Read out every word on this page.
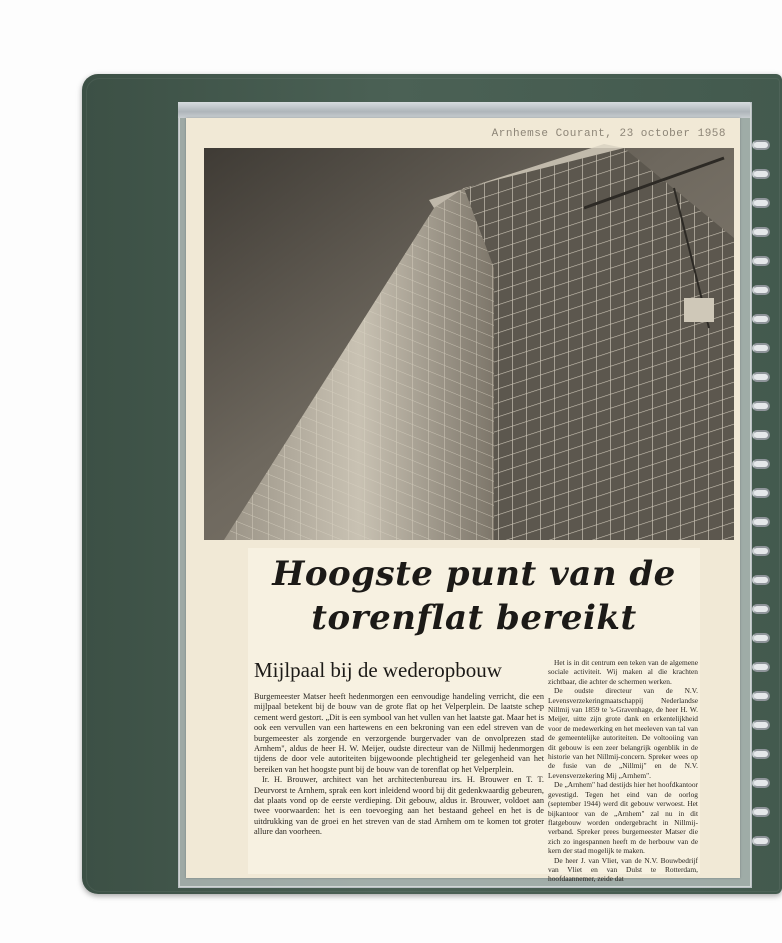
Arnhemse Courant, 23 october 1958
Hoogste punt van de
torenflat bereikt
Mijlpaal bij de wederopbouw

Burgemeester Matser heeft hedenmorgen een eenvoudige handeling verricht, die een mijlpaal betekent bij de bouw van de grote flat op het Velperplein. De laatste schep cement werd gestort. „Dit is een symbool van het vullen van het laatste gat. Maar het is ook een vervullen van een hartewens en een bekroning van een edel streven van de burgemeester als zorgende en verzorgende burgervader van de onvolprezen stad Arnhem", aldus de heer H. W. Meijer, oudste directeur van de Nillmij hedenmorgen tijdens de door vele autoriteiten bijgewoonde plechtigheid ter gelegenheid van het bereiken van het hoogste punt bij de bouw van de torenflat op het Velperplein.

Ir. H. Brouwer, architect van het architectenbureau irs. H. Brouwer en T. T. Deurvorst te Arnhem, sprak een kort inleidend woord bij dit gedenkwaardig gebeuren, dat plaats vond op de eerste verdieping. Dit gebouw, aldus ir. Brouwer, voldoet aan twee voorwaarden: het is een toevoeging aan het bestaand geheel en het is de uitdrukking van de groei en het streven van de stad Arnhem om te komen tot groter allure dan voorheen.

Het is in dit centrum een teken van de algemene sociale activiteit. Wij maken al die krachten zichtbaar, die achter de schermen werken.

De oudste directeur van de N.V. Levensverzekeringmaatschappij Nederlandse Nillmij van 1859 te 's-Gravenhage, de heer H. W. Meijer, uitte zijn grote dank en erkentelijkheid voor de medewerking en het meeleven van tal van de gemeentelijke autoriteiten. De voltooiing van dit gebouw is een zeer belangrijk ogenblik in de historie van het Nillmij-concern. Spreker wees op de fusie van de „Nillmij" en de N.V. Levensverzekering Mij „Arnhem".

De „Arnhem" had destijds hier het hoofdkantoor gevestigd. Tegen het eind van de oorlog (september 1944) werd dit gebouw verwoest. Het bijkantoor van de „Arnhem" zal nu in dit flatgebouw worden ondergebracht in Nillmij-verband. Spreker prees burgemeester Matser die zich zo ingespannen heeft m de herbouw van de kern der stad mogelijk te maken.

De heer J. van Vliet, van de N.V. Bouwbedrijf van Vliet en van Dulst te Rotterdam, hoofdaannemer, zeide dat
